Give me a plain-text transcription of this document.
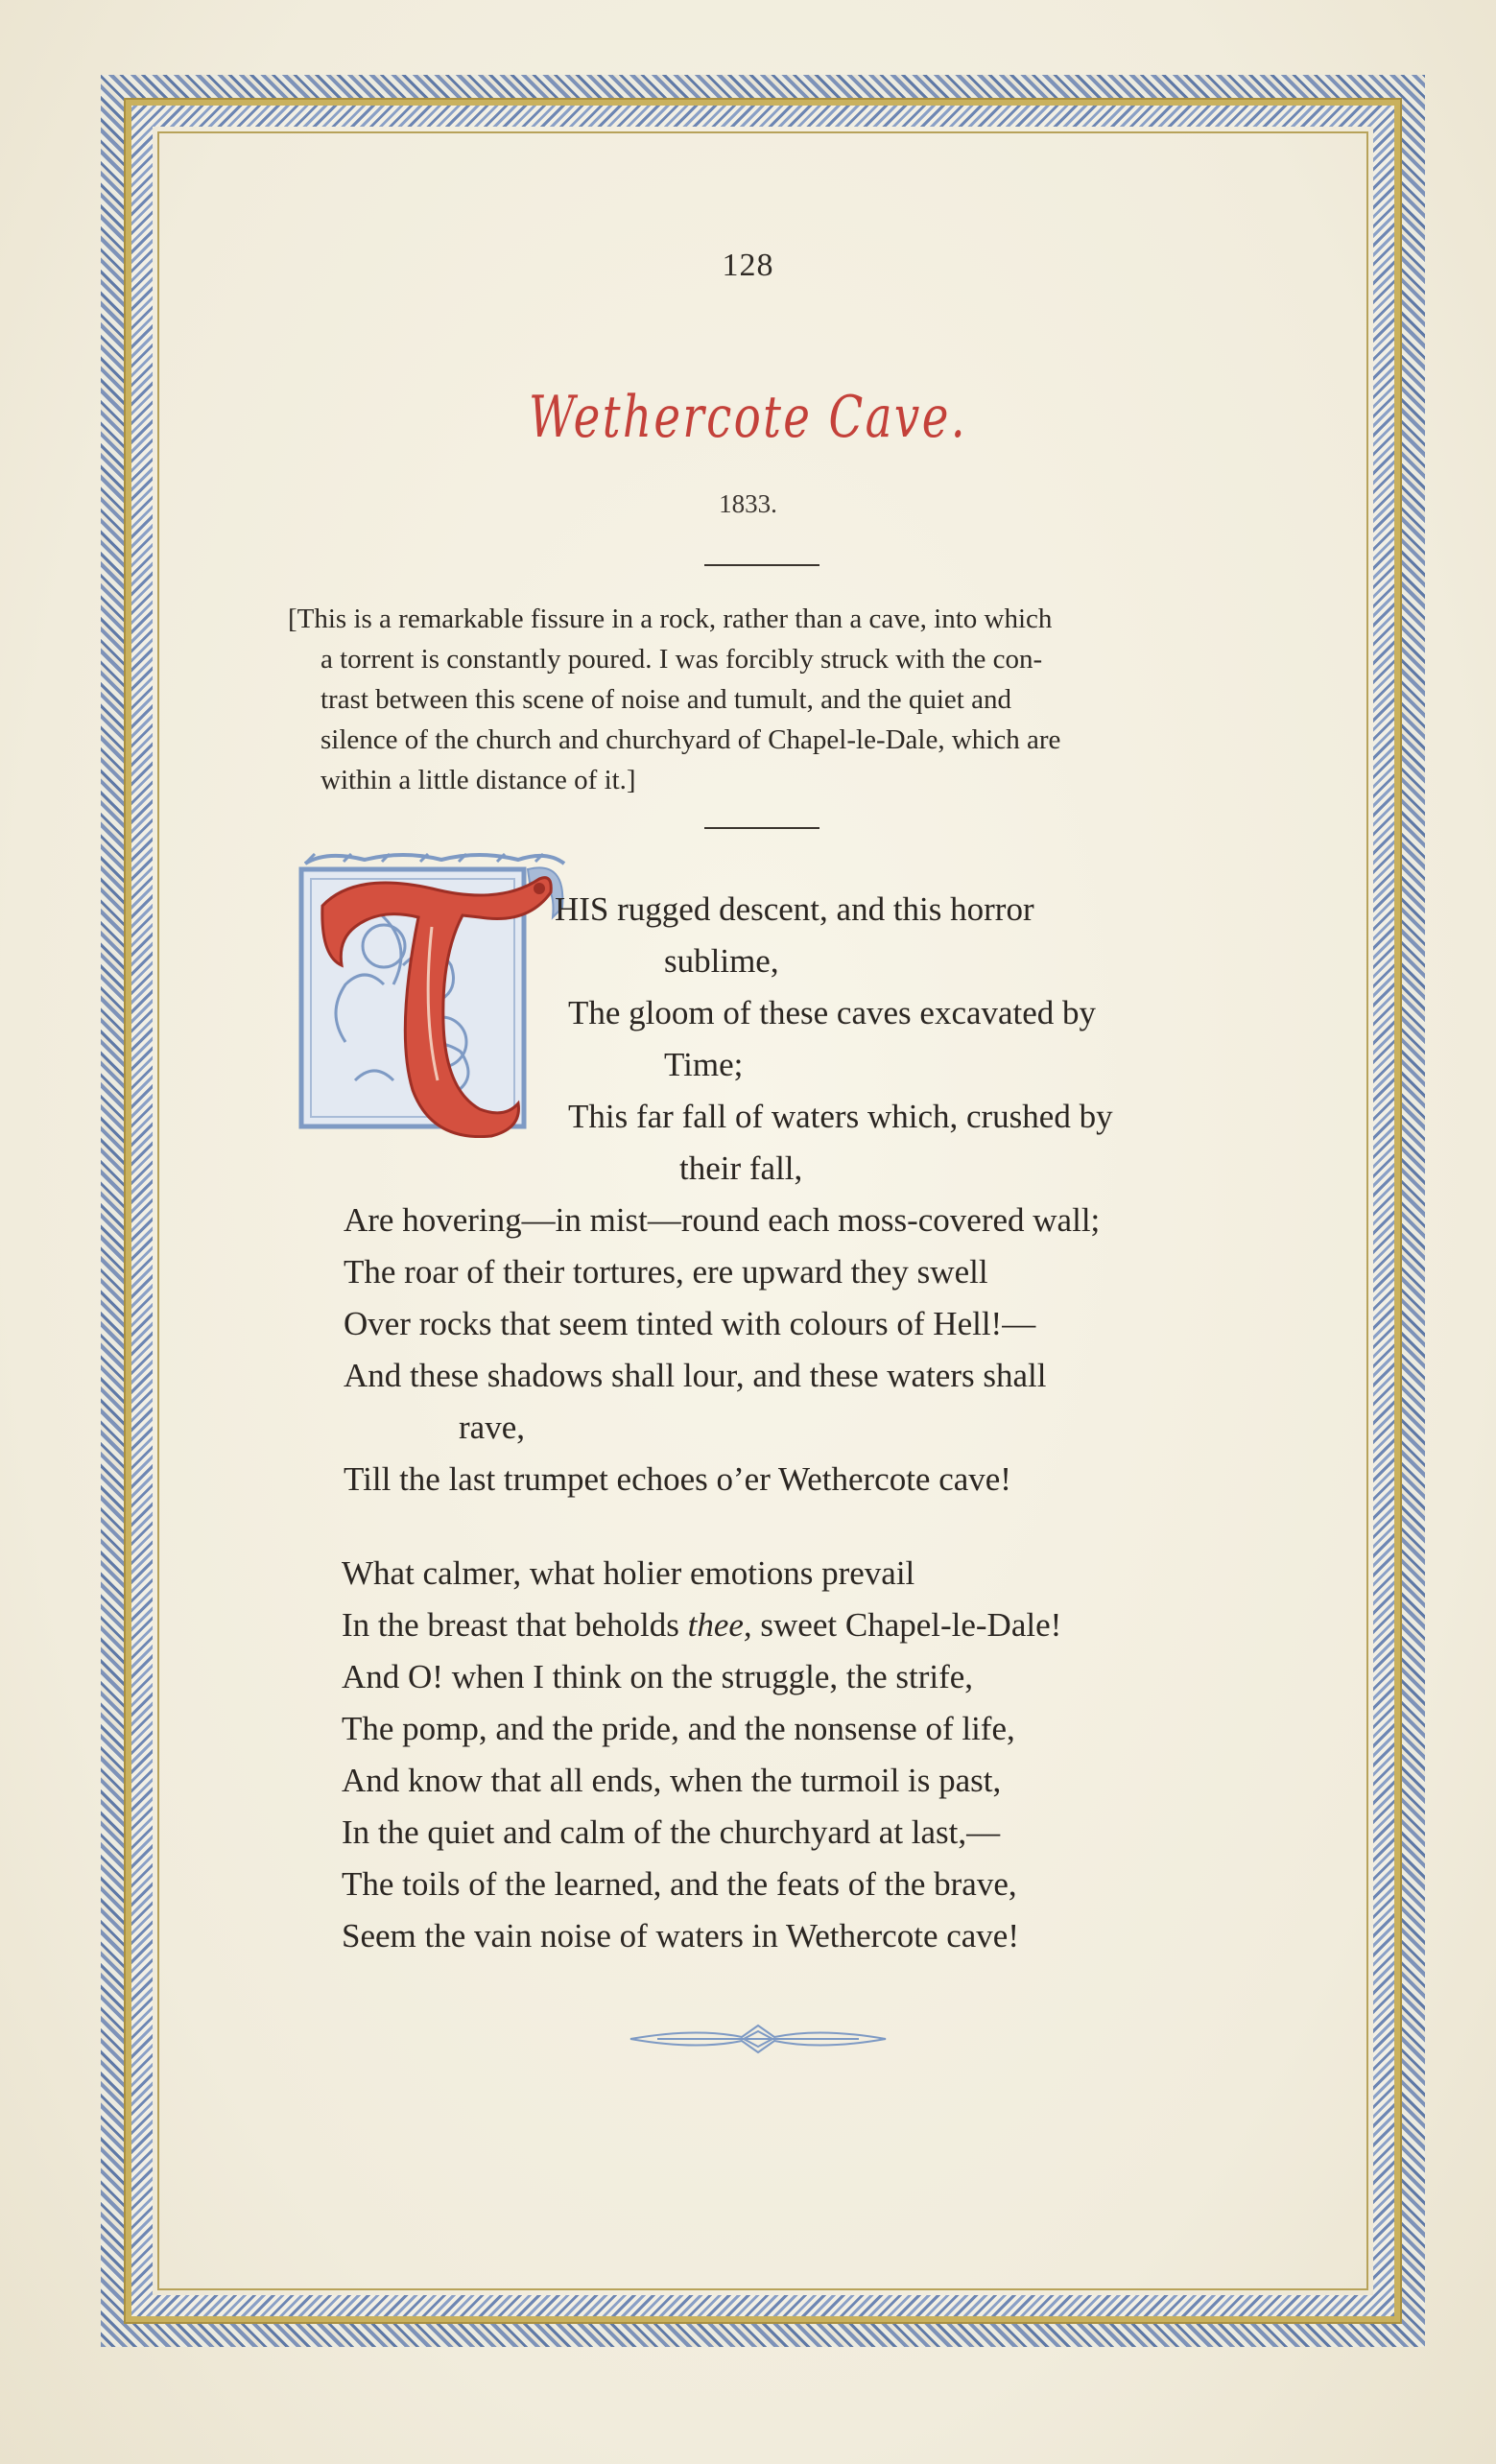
128
Wethercote Cave.
1833.
[This is a remarkable fissure in a rock, rather than a cave, into which
a torrent is constantly poured. I was forcibly struck with the con-
trast between this scene of noise and tumult, and the quiet and
silence of the church and churchyard of Chapel-le-Dale, which are
within a little distance of it.]
HIS rugged descent, and this horror
sublime,
The gloom of these caves excavated by
Time;
This far fall of waters which, crushed by
their fall,
Are hovering—in mist—round each moss-covered wall;
The roar of their tortures, ere upward they swell
Over rocks that seem tinted with colours of Hell!—
And these shadows shall lour, and these waters shall
rave,
Till the last trumpet echoes o’er Wethercote cave!
What calmer, what holier emotions prevail
In the breast that beholds thee, sweet Chapel-le-Dale!
And O! when I think on the struggle, the strife,
The pomp, and the pride, and the nonsense of life,
And know that all ends, when the turmoil is past,
In the quiet and calm of the churchyard at last,—
The toils of the learned, and the feats of the brave,
Seem the vain noise of waters in Wethercote cave!
